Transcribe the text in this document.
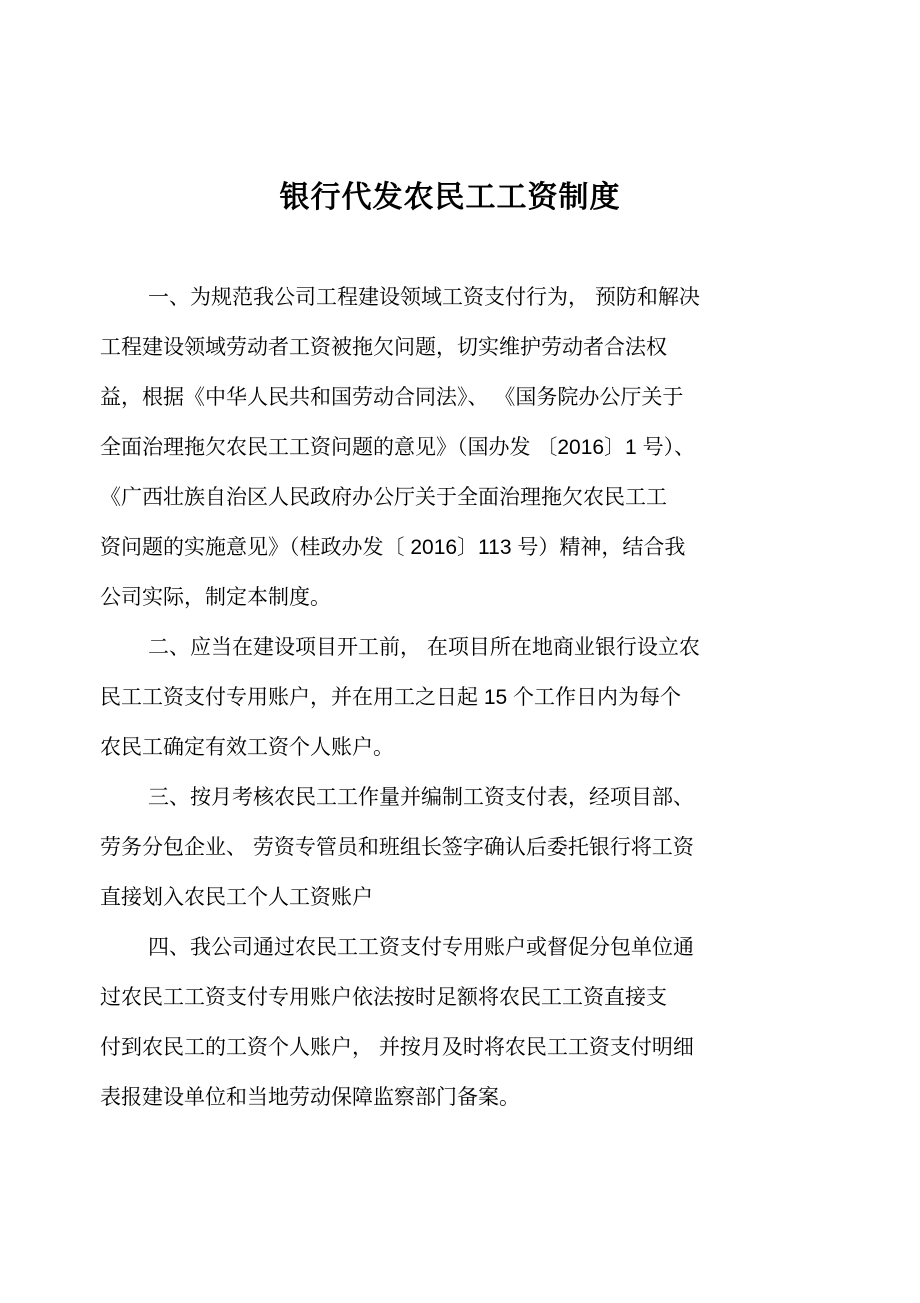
银行代发农民工工资制度
一、为规范我公司工程建设领域工资支付行为， 预防和解决
工程建设领域劳动者工资被拖欠问题，切实维护劳动者合法权
益，根据《中华人民共和国劳动合同法》、 《国务院办公厅关于
全面治理拖欠农民工工资问题的意见》（国办发 〔2016〕1 号）、
《广西壮族自治区人民政府办公厅关于全面治理拖欠农民工工
资问题的实施意见》（桂政办发〔 2016〕113 号）精神，结合我
公司实际，制定本制度。
二、应当在建设项目开工前， 在项目所在地商业银行设立农
民工工资支付专用账户，并在用工之日起 15 个工作日内为每个
农民工确定有效工资个人账户。
三、按月考核农民工工作量并编制工资支付表，经项目部、
劳务分包企业、 劳资专管员和班组长签字确认后委托银行将工资
直接划入农民工个人工资账户
四、我公司通过农民工工资支付专用账户或督促分包单位通
过农民工工资支付专用账户依法按时足额将农民工工资直接支
付到农民工的工资个人账户， 并按月及时将农民工工资支付明细
表报建设单位和当地劳动保障监察部门备案。
